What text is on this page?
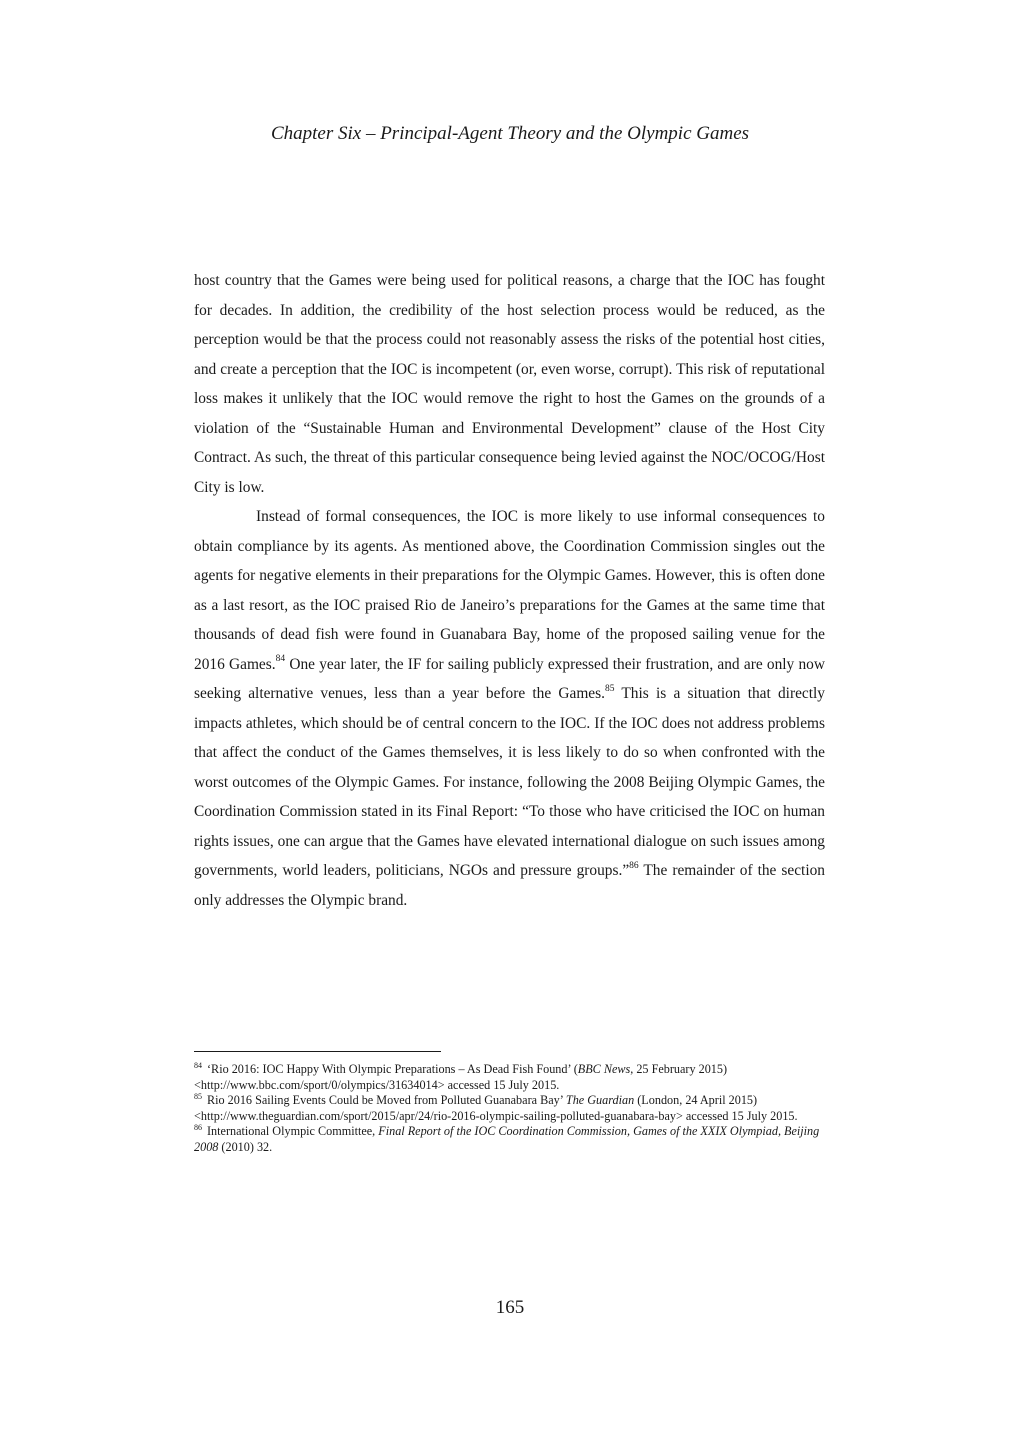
Chapter Six – Principal-Agent Theory and the Olympic Games

host country that the Games were being used for political reasons, a charge that the IOC has fought for decades. In addition, the credibility of the host selection process would be reduced, as the perception would be that the process could not reasonably assess the risks of the potential host cities, and create a perception that the IOC is incompetent (or, even worse, corrupt). This risk of reputational loss makes it unlikely that the IOC would remove the right to host the Games on the grounds of a violation of the “Sustainable Human and Environmental Development” clause of the Host City Contract. As such, the threat of this particular consequence being levied against the NOC/OCOG/Host City is low.

Instead of formal consequences, the IOC is more likely to use informal consequences to obtain compliance by its agents. As mentioned above, the Coordination Commission singles out the agents for negative elements in their preparations for the Olympic Games. However, this is often done as a last resort, as the IOC praised Rio de Janeiro’s preparations for the Games at the same time that thousands of dead fish were found in Guanabara Bay, home of the proposed sailing venue for the 2016 Games.$^{84}$ One year later, the IF for sailing publicly expressed their frustration, and are only now seeking alternative venues, less than a year before the Games.$^{85}$ This is a situation that directly impacts athletes, which should be of central concern to the IOC. If the IOC does not address problems that affect the conduct of the Games themselves, it is less likely to do so when confronted with the worst outcomes of the Olympic Games. For instance, following the 2008 Beijing Olympic Games, the Coordination Commission stated in its Final Report: “To those who have criticised the IOC on human rights issues, one can argue that the Games have elevated international dialogue on such issues among governments, world leaders, politicians, NGOs and pressure groups.”$^{86}$ The remainder of the section only addresses the Olympic brand.

$^{84}$ ‘Rio 2016: IOC Happy With Olympic Preparations – As Dead Fish Found’ (BBC News, 25 February 2015) <http://www.bbc.com/sport/0/olympics/31634014> accessed 15 July 2015.

$^{85}$ Rio 2016 Sailing Events Could be Moved from Polluted Guanabara Bay’ The Guardian (London, 24 April 2015) <http://www.theguardian.com/sport/2015/apr/24/rio-2016-olympic-sailing-polluted-guanabara-bay> accessed 15 July 2015.

$^{86}$ International Olympic Committee, Final Report of the IOC Coordination Commission, Games of the XXIX Olympiad, Beijing 2008 (2010) 32.

165
